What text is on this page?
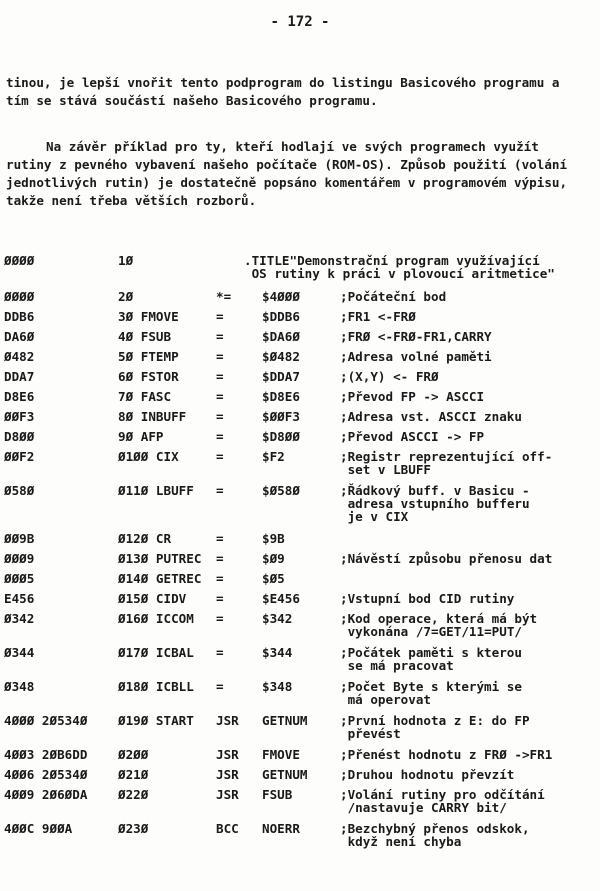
- 172 -
tinou, je lepší vnořit tento podprogram do listingu Basicového programu a tím se stává součástí našeho Basicového programu.
Na závěr příklad pro ty, kteří hodlají ve svých programech využít rutiny z pevného vybavení našeho počítače (ROM-OS). Způsob použití (volání jednotlivých rutin) je dostatečně popsáno komentářem v programovém výpisu, takže není třeba větších rozborů.
ØØØØ	1Ø	.TITLE"Demonstrační program využívající
OS rutiny k práci v plovoucí aritmetice"
ØØØØ	2Ø	*= $4ØØØ	;Počáteční bod
DDB6	3Ø FMOVE	=	$DDB6	;FR1 <-FRØ
DA6Ø	4Ø FSUB	=	$DA6Ø	;FRØ <-FRØ-FR1,CARRY
Ø482	5Ø FTEMP	=	$Ø482	;Adresa volné paměti
DDA7	6Ø FSTOR	=	$DDA7	;(X,Y) <- FRØ
D8E6	7Ø FASC	=	$D8E6	;Převod FP -> ASCCI
ØØF3	8Ø INBUFF =	$ØØF3	;Adresa vst. ASCCI znaku
D8ØØ	9Ø AFP	=	$D8ØØ	;Převod ASCCI -> FP
ØØF2	Ø1ØØ CIX	=	$F2	;Registr reprezentující off-
set v LBUFF
Ø58Ø	Ø11Ø LBUFF =	$Ø58Ø	;Řádkový buff. v Basicu -
adresa vstupního bufferu
je v CIX
ØØ9B	Ø12Ø CR	=	$9B
ØØØ9	Ø13Ø PUTREC =	$Ø9	;Návěstí způsobu přenosu dat
ØØØ5	Ø14Ø GETREC =	$Ø5
E456	Ø15Ø CIDV =	$E456	;Vstupní bod CID rutiny
Ø342	Ø16Ø ICCOM =	$342	;Kod operace, která má být
vykonána /7=GET/11=PUT/
Ø344	Ø17Ø ICBAL =	$344	;Počátek paměti s kterou
se má pracovat
Ø348	Ø18Ø ICBLL =	$348	;Počet Byte s kterými se
má operovat
4ØØØ 2Ø534Ø Ø19Ø START JSR GETNUM	;První hodnota z E: do FP
převést
4ØØ3 2ØB6DD Ø2ØØ	JSR FMOVE	;Přenést hodnotu z FRØ ->FR1
4ØØ6 2Ø534Ø Ø21Ø	JSR GETNUM	;Druhou hodnotu převzít
4ØØ9 2Ø6ØDA Ø22Ø	JSR FSUB	;Volání rutiny pro odčítání
/nastavuje CARRY bit/
4ØØC 9ØØA	Ø23Ø	BCC NOERR	;Bezchybný přenos odskok,
když není chyba
